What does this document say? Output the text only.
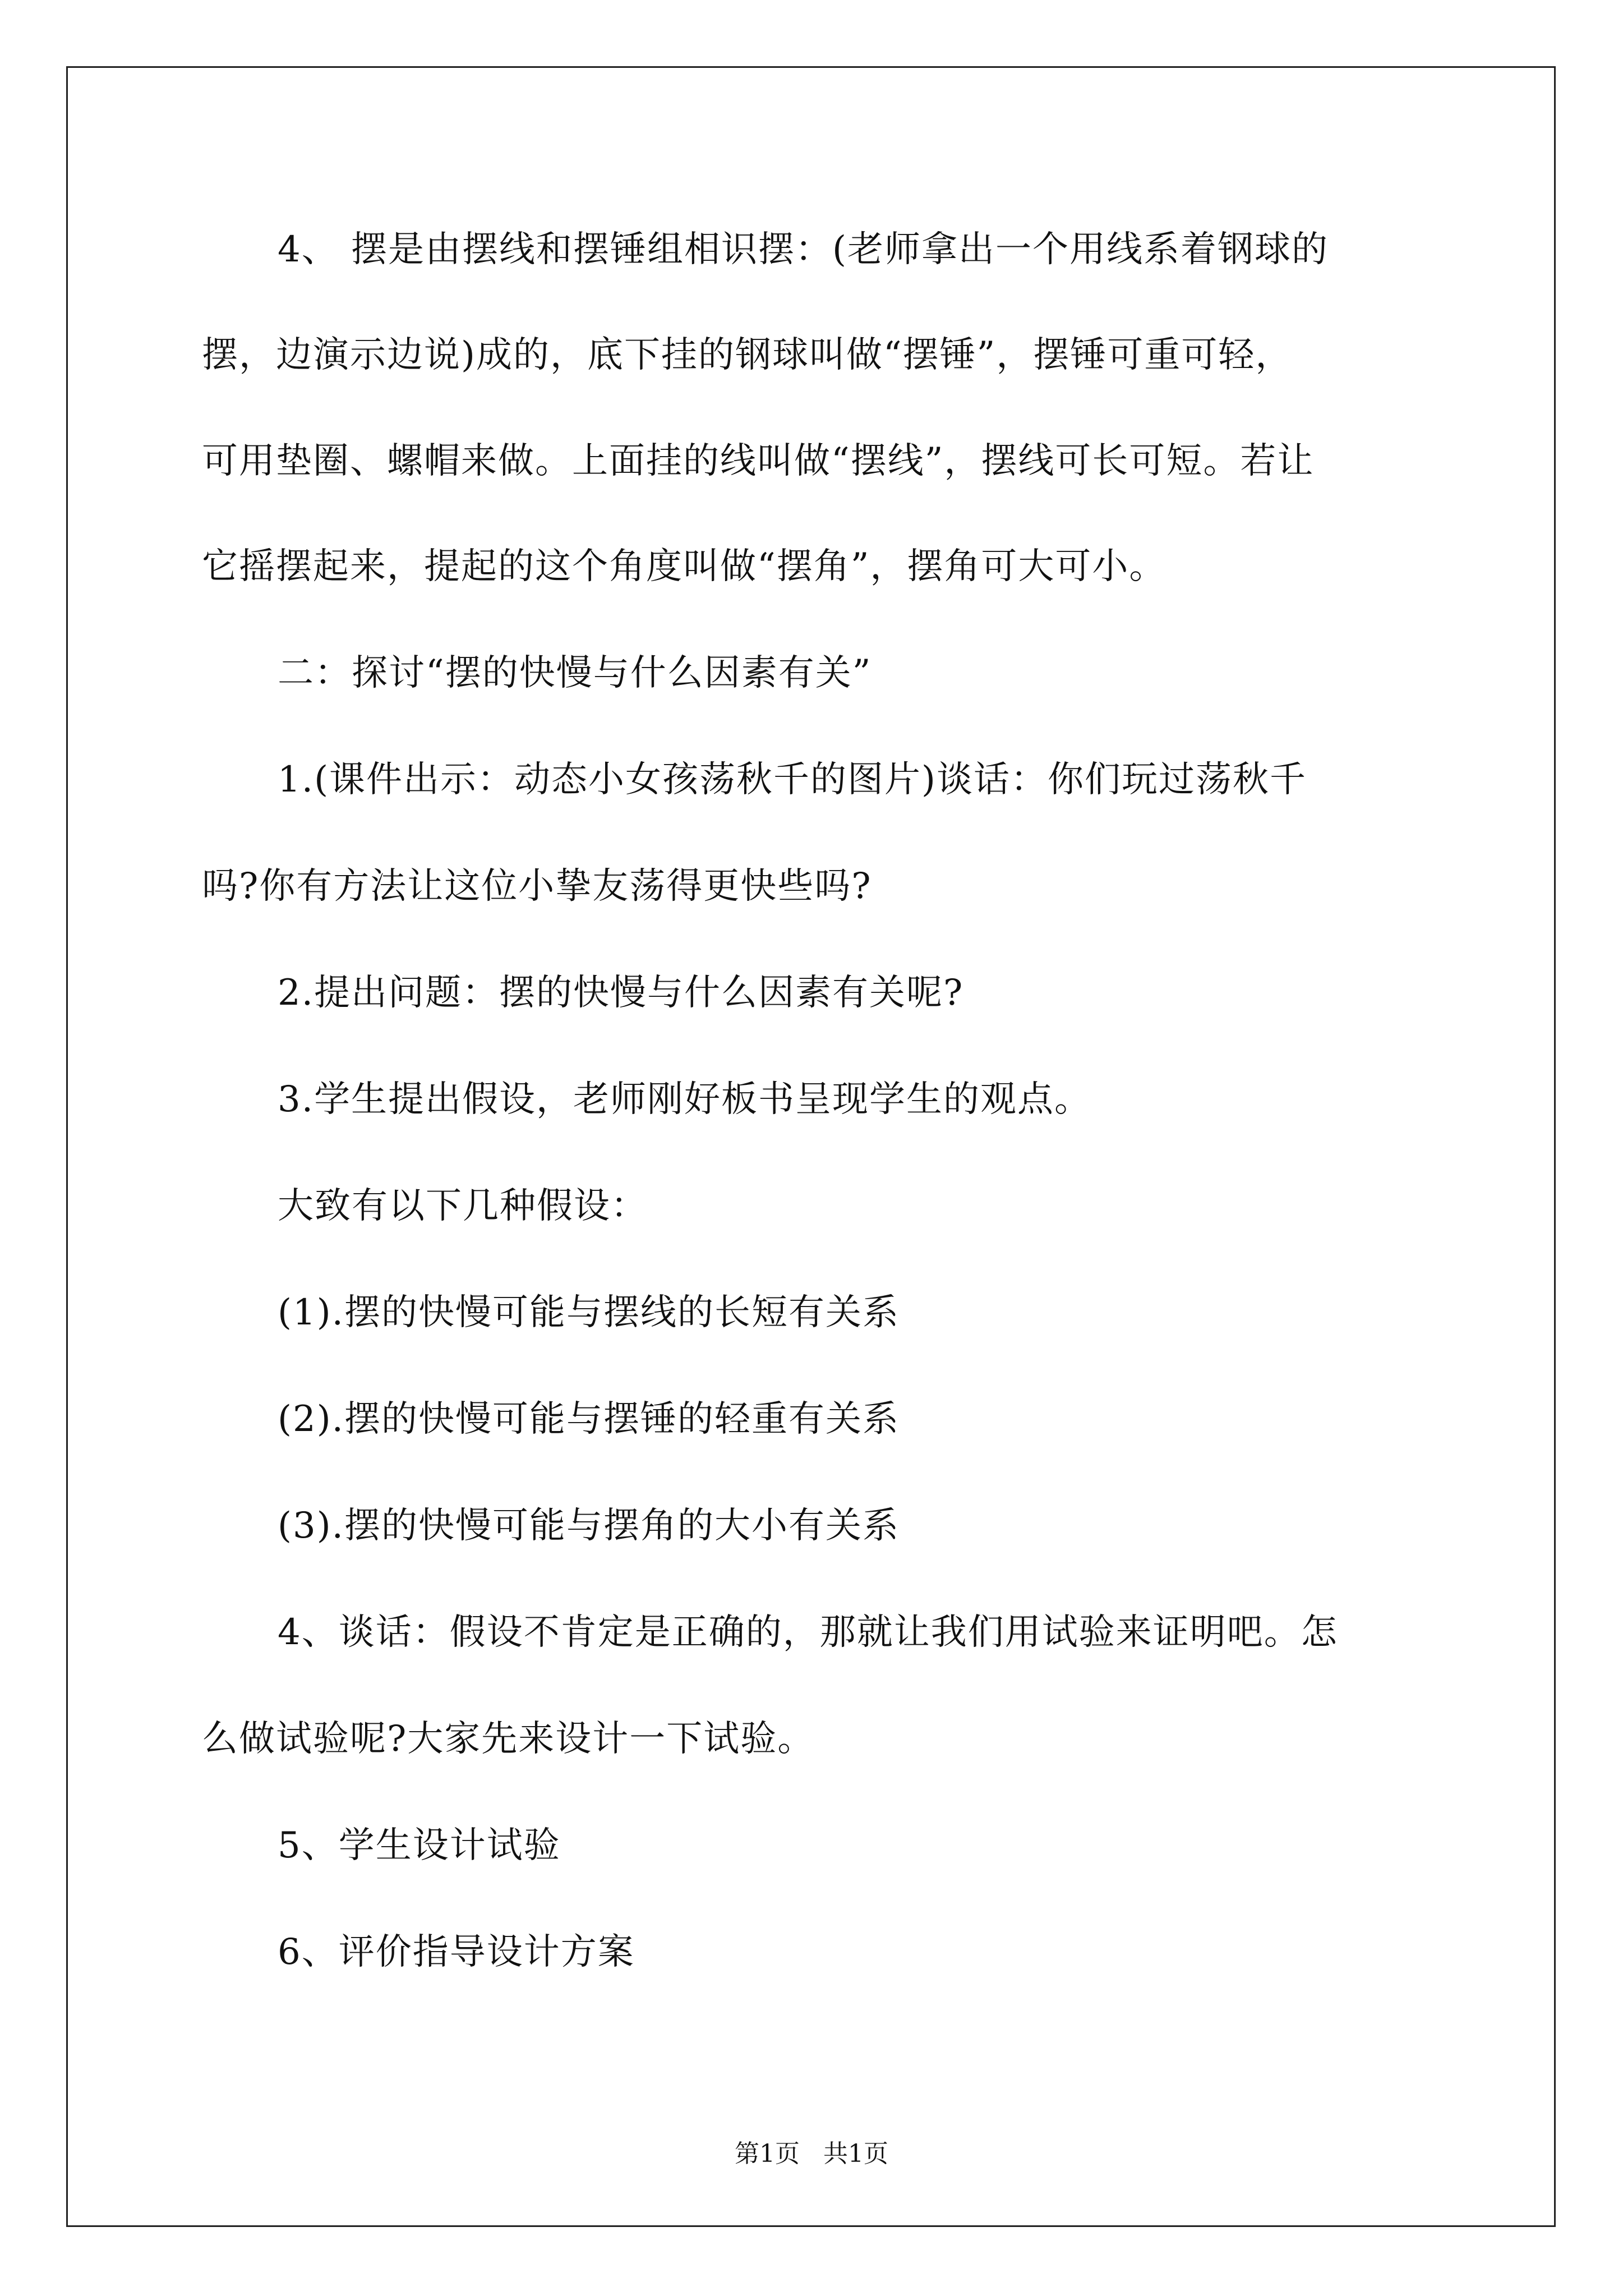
4、 摆是由摆线和摆锤组相识摆：(老师拿出一个用线系着钢球的
摆，边演示边说)成的，底下挂的钢球叫做“摆锤”，摆锤可重可轻，
可用垫圈、螺帽来做。上面挂的线叫做“摆线”，摆线可长可短。若让
它摇摆起来，提起的这个角度叫做“摆角”，摆角可大可小。
二：探讨“摆的快慢与什么因素有关”
1.(课件出示：动态小女孩荡秋千的图片)谈话：你们玩过荡秋千
吗?你有方法让这位小挚友荡得更快些吗?
2.提出问题：摆的快慢与什么因素有关呢?
3.学生提出假设，老师刚好板书呈现学生的观点。
大致有以下几种假设：
(1).摆的快慢可能与摆线的长短有关系
(2).摆的快慢可能与摆锤的轻重有关系
(3).摆的快慢可能与摆角的大小有关系
4、谈话：假设不肯定是正确的，那就让我们用试验来证明吧。怎
么做试验呢?大家先来设计一下试验。
5、学生设计试验
6、评价指导设计方案
第1页   共1页
